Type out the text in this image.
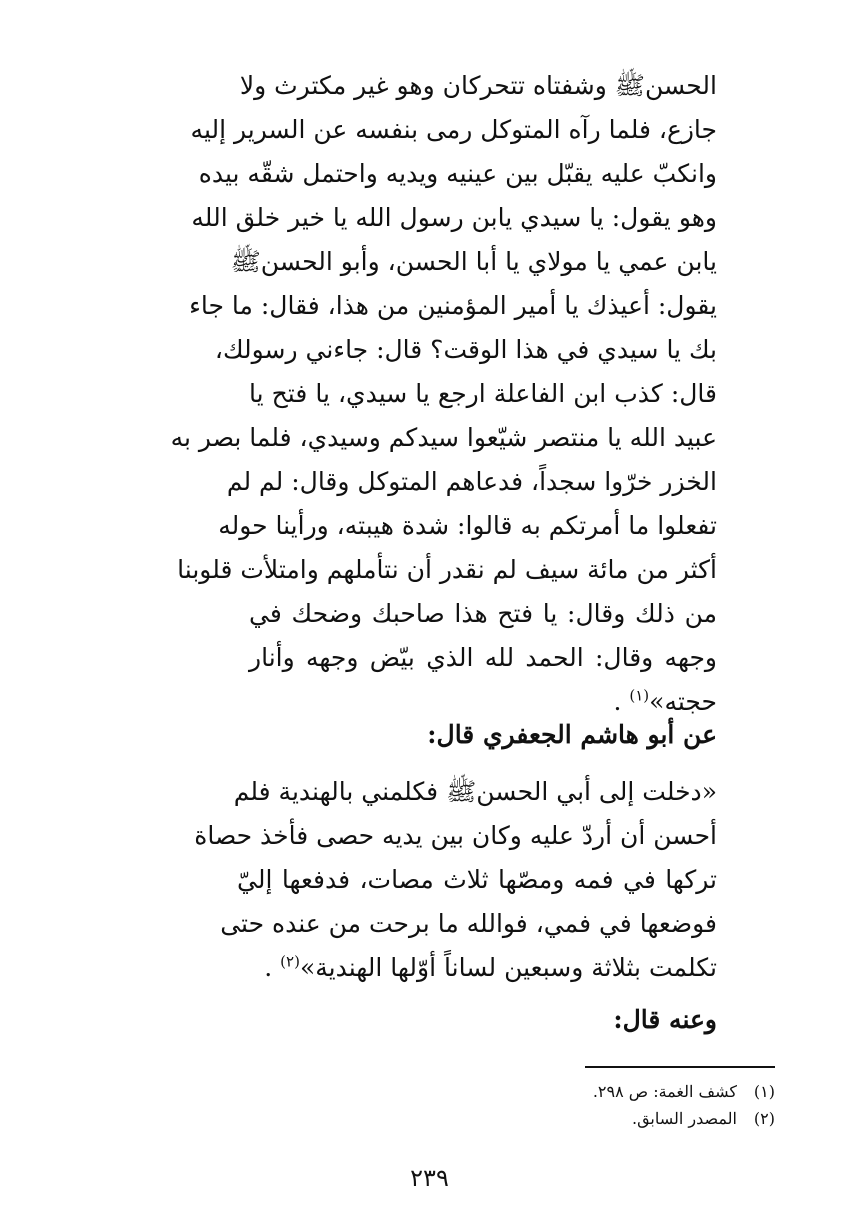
الحسنﷺ وشفتاه تتحركان وهو غير مكترث ولا
جازع، فلما رآه المتوكل رمى بنفسه عن السرير إليه
وانكبّ عليه يقبّل بين عينيه ويديه واحتمل شقّه بيده
وهو يقول: يا سيدي يابن رسول الله يا خير خلق الله
يابن عمي يا مولاي يا أبا الحسن، وأبو الحسنﷺ
يقول: أعيذك يا أمير المؤمنين من هذا، فقال: ما جاء
بك يا سيدي في هذا الوقت؟ قال: جاءني رسولك،
قال: كذب ابن الفاعلة ارجع يا سيدي، يا فتح يا
عبيد الله يا منتصر شيّعوا سيدكم وسيدي، فلما بصر به
الخزر خرّوا سجداً، فدعاهم المتوكل وقال: لم لم
تفعلوا ما أمرتكم به قالوا: شدة هيبته، ورأينا حوله
أكثر من مائة سيف لم نقدر أن نتأملهم وامتلأت قلوبنا
من ذلك وقال: يا فتح هذا صاحبك وضحك في
وجهه وقال: الحمد لله الذي بيّض وجهه وأنار
حجته»$^{(١)}$ .
عن أبو هاشم الجعفري قال:
«دخلت إلى أبي الحسنﷺ فكلمني بالهندية فلم
أحسن أن أردّ عليه وكان بين يديه حصى فأخذ حصاة
تركها في فمه ومصّها ثلاث مصات، فدفعها إليّ
فوضعها في فمي، فوالله ما برحت من عنده حتى
تكلمت بثلاثة وسبعين لساناً أوّلها الهندية»$^{(٢)}$ .
وعنه قال:
(١)كشف الغمة: ص ٢٩٨.
(٢)المصدر السابق.
٢٣٩
